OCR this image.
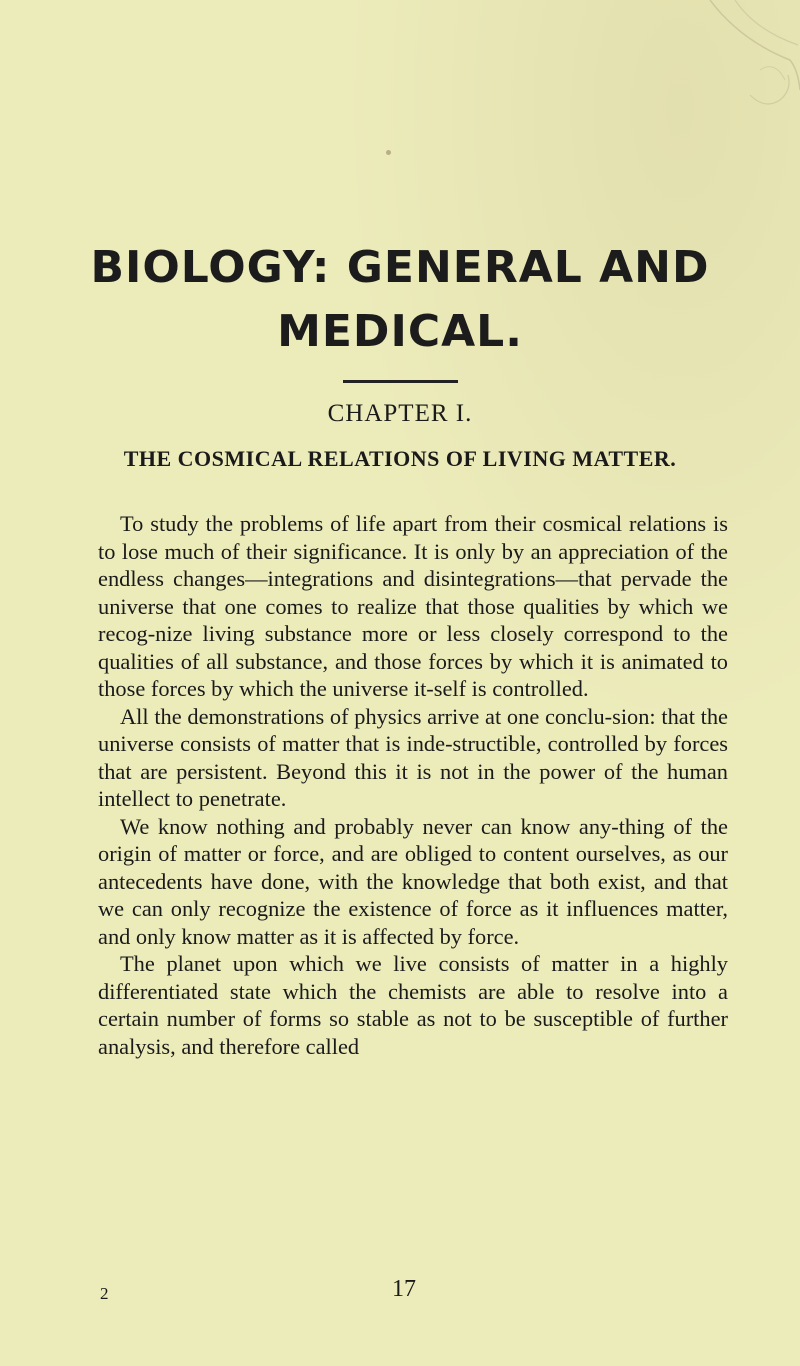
BIOLOGY: GENERAL AND
MEDICAL.
CHAPTER I.
THE COSMICAL RELATIONS OF LIVING MATTER.

To study the problems of life apart from their cosmical relations is to lose much of their significance. It is only by an appreciation of the endless changes—integrations and disintegrations—that pervade the universe that one comes to realize that those qualities by which we recog-nize living substance more or less closely correspond to the qualities of all substance, and those forces by which it is animated to those forces by which the universe it-self is controlled.

All the demonstrations of physics arrive at one conclu-sion: that the universe consists of matter that is inde-structible, controlled by forces that are persistent. Beyond this it is not in the power of the human intellect to penetrate.

We know nothing and probably never can know any-thing of the origin of matter or force, and are obliged to content ourselves, as our antecedents have done, with the knowledge that both exist, and that we can only recognize the existence of force as it influences matter, and only know matter as it is affected by force.

The planet upon which we live consists of matter in a highly differentiated state which the chemists are able to resolve into a certain number of forms so stable as not to be susceptible of further analysis, and therefore called

2	17
